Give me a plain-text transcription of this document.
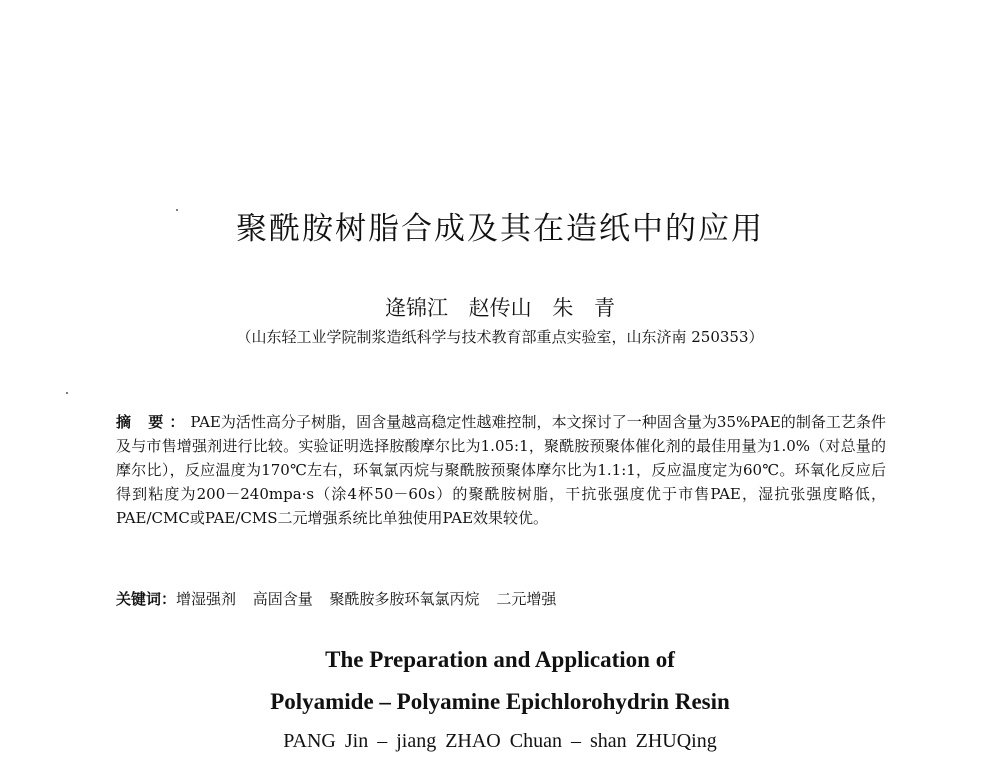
聚酰胺树脂合成及其在造纸中的应用
逄锦江 赵传山 朱 青
（山东轻工业学院制浆造纸科学与技术教育部重点实验室，山东济南 250353）
摘 要：PAE为活性高分子树脂，固含量越高稳定性越难控制，本文探讨了一种固含量为35%PAE的制备工艺条件及与市售增强剂进行比较。实验证明选择胺酸摩尔比为1.05:1，聚酰胺预聚体催化剂的最佳用量为1.0%（对总量的摩尔比），反应温度为170℃左右，环氧氯丙烷与聚酰胺预聚体摩尔比为1.1:1，反应温度定为60℃。环氧化反应后得到粘度为200－240mpa·s（涂4杯50－60s）的聚酰胺树脂，干抗张强度优于市售PAE，湿抗张强度略低，PAE/CMC或PAE/CMS二元增强系统比单独使用PAE效果较优。
关键词：增湿强剂 高固含量 聚酰胺多胺环氧氯丙烷 二元增强
The Preparation and Application of
Polyamide – Polyamine Epichlorohydrin Resin
PANG Jin – jiang ZHAO Chuan – shan ZHUQing
